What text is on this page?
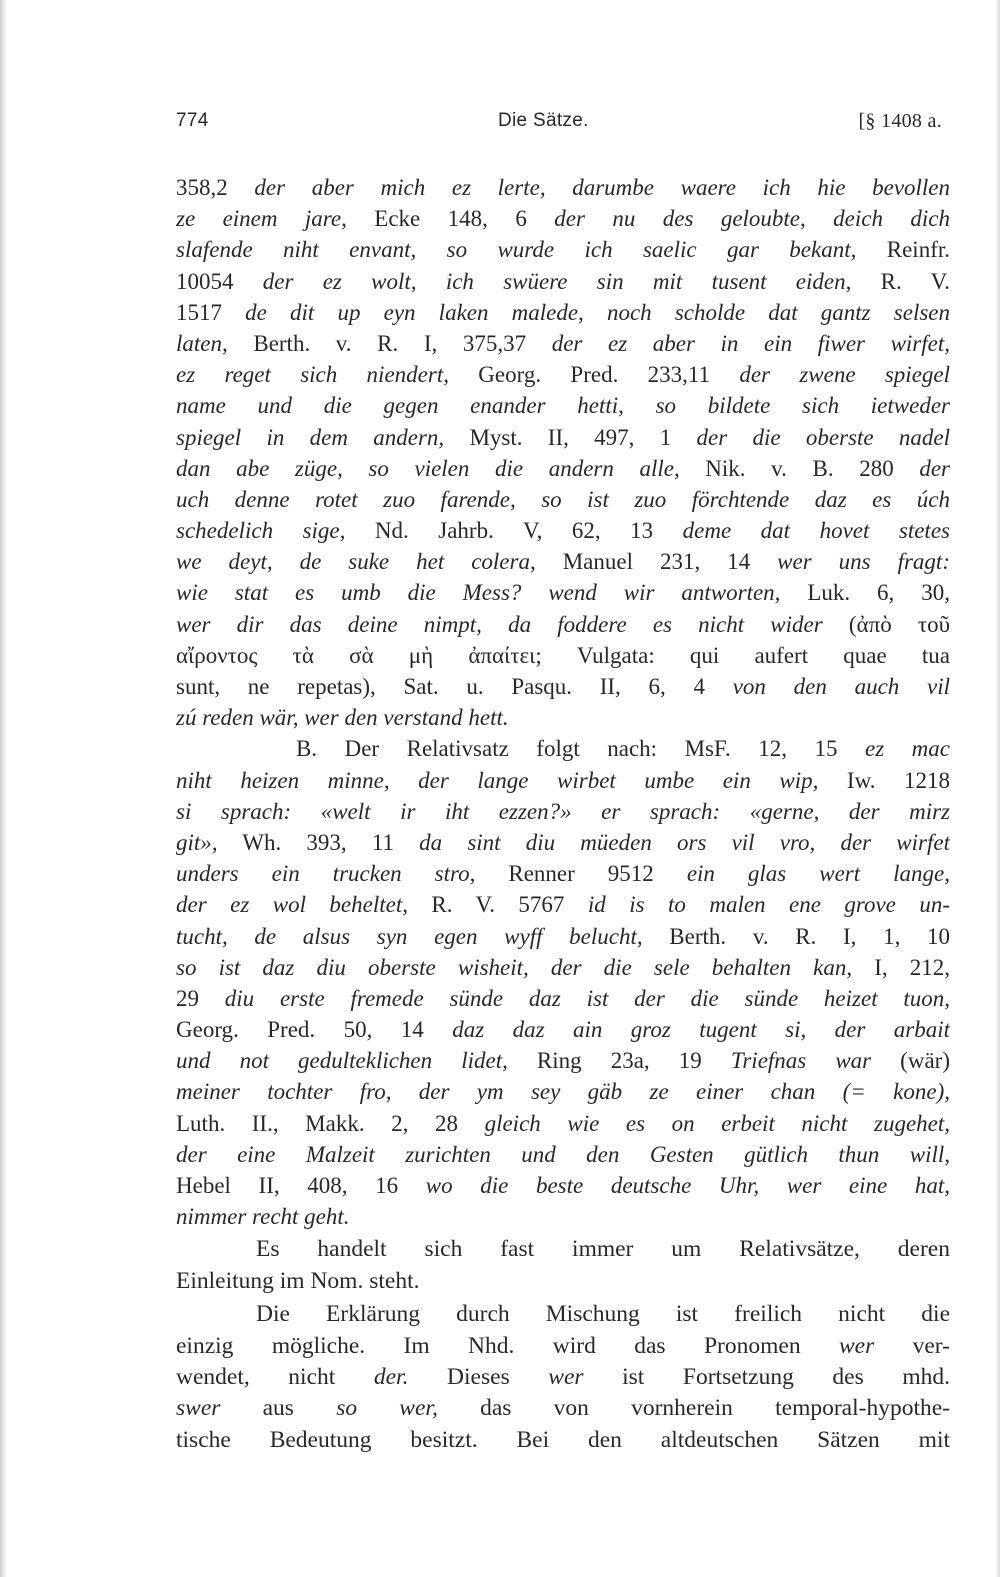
774	Die Sätze.	[§ 1408 a.
358,2 der aber mich ez lerte, darumbe waere ich hie bevollen
ze einem jare, Ecke 148, 6 der nu des geloubte, deich dich
slafende niht envant, so wurde ich saelic gar bekant, Reinfr.
10054 der ez wolt, ich swüere sin mit tusent eiden, R. V.
1517 de dit up eyn laken malede, noch scholde dat gantz selsen
laten, Berth. v. R. I, 375,37 der ez aber in ein fiwer wirfet,
ez reget sich niendert, Georg. Pred. 233,11 der zwene spiegel
name und die gegen enander hetti, so bildete sich ietweder
spiegel in dem andern, Myst. II, 497, 1 der die oberste nadel
dan abe züge, so vielen die andern alle, Nik. v. B. 280 der
uch denne rotet zuo farende, so ist zuo förchtende daz es úch
schedelich sige, Nd. Jahrb. V, 62, 13 deme dat hovet stetes
we deyt, de suke het colera, Manuel 231, 14 wer uns fragt:
wie stat es umb die Mess? wend wir antworten, Luk. 6, 30,
wer dir das deine nimpt, da foddere es nicht wider (ἀπὸ τοῦ
αἴροντος τὰ σὰ μὴ ἀπαίτει; Vulgata: qui aufert quae tua
sunt, ne repetas), Sat. u. Pasqu. II, 6, 4 von den auch vil
zú reden wär, wer den verstand hett.
B. Der Relativsatz folgt nach: MsF. 12, 15 ez mac
niht heizen minne, der lange wirbet umbe ein wip, Iw. 1218
si sprach: «welt ir iht ezzen?» er sprach: «gerne, der mirz
git», Wh. 393, 11 da sint diu müeden ors vil vro, der wirfet
unders ein trucken stro, Renner 9512 ein glas wert lange,
der ez wol beheltet, R. V. 5767 id is to malen ene grove un-
tucht, de alsus syn egen wyff belucht, Berth. v. R. I, 1, 10
so ist daz diu oberste wisheit, der die sele behalten kan, I, 212,
29 diu erste fremede sünde daz ist der die sünde heizet tuon,
Georg. Pred. 50, 14 daz daz ain groz tugent si, der arbait
und not gedulteklichen lidet, Ring 23a, 19 Triefnas war (wär)
meiner tochter fro, der ym sey gäb ze einer chan (= kone),
Luth. II., Makk. 2, 28 gleich wie es on erbeit nicht zugehet,
der eine Malzeit zurichten und den Gesten gütlich thun will,
Hebel II, 408, 16 wo die beste deutsche Uhr, wer eine hat,
nimmer recht geht.
Es handelt sich fast immer um Relativsätze, deren
Einleitung im Nom. steht.
Die Erklärung durch Mischung ist freilich nicht die
einzig mögliche. Im Nhd. wird das Pronomen wer ver-
wendet, nicht der. Dieses wer ist Fortsetzung des mhd.
swer aus so wer, das von vornherein temporal-hypothe-
tische Bedeutung besitzt. Bei den altdeutschen Sätzen mit
